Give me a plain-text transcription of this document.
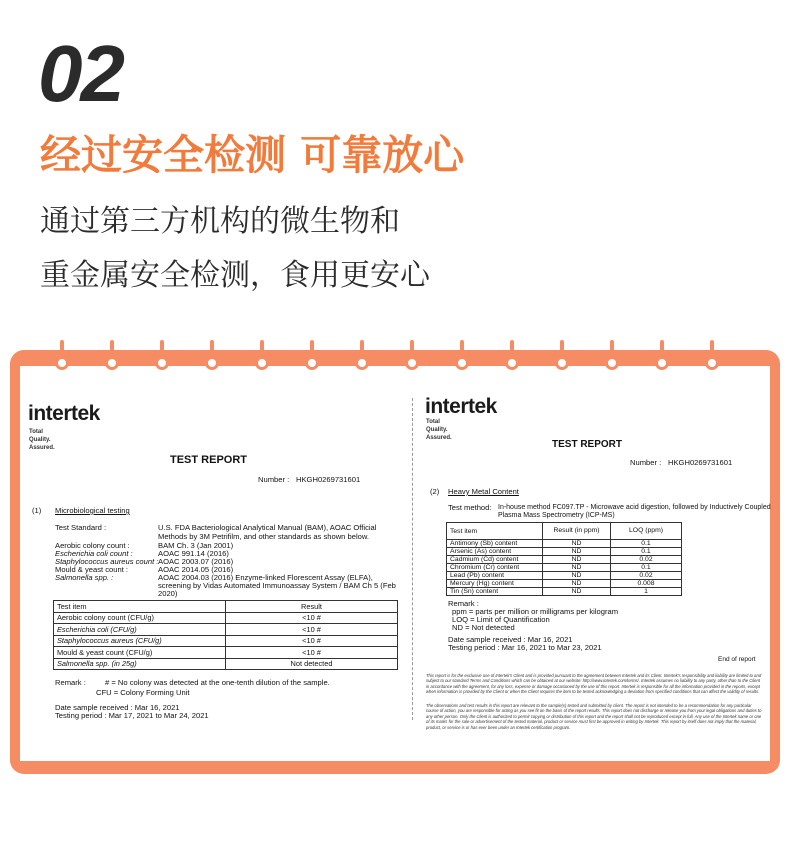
02
经过安全检测 可靠放心
通过第三方机构的微生物和
重金属安全检测，食用更安心
intertek
Total Quality. Assured.
TEST REPORT
Number : HKGH0269731601
(1) Microbiological testing
Test Standard :	U.S. FDA Bacteriological Analytical Manual (BAM), AOAC Official
Methods by 3M Petrifilm, and other standards as shown below.
Aerobic colony count :	BAM Ch. 3 (Jan 2001)
Escherichia coli count :	AOAC 991.14 (2016)
Staphylococcus aureus count : AOAC 2003.07 (2016)
Mould & yeast count :	AOAC 2014.05 (2016)
Salmonella spp. :	AOAC 2004.03 (2016) Enzyme-linked Florescent Assay (ELFA),
screening by Vidas Automated Immunoassay System / BAM Ch 5 (Feb
2020)
Test item	Result
Aerobic colony count (CFU/g)	<10 #
Escherichia coli (CFU/g)	<10 #
Staphylococcus aureus (CFU/g)	<10 #
Mould & yeast count (CFU/g)	<10 #
Salmonella spp. (in 25g)	Not detected
Remark :	# = No colony was detected at the one-tenth dilution of the sample.
CFU = Colony Forming Unit
Date sample received : Mar 16, 2021
Testing period : Mar 17, 2021 to Mar 24, 2021
intertek
Total Quality. Assured.
TEST REPORT
Number : HKGH0269731601
(2) Heavy Metal Content
Test method: In-house method FC097.TP - Microwave acid digestion, followed by Inductively Coupled
Plasma Mass Spectrometry (ICP-MS)
Test item	Result (in ppm)	LOQ (ppm)
Antimony (Sb) content	ND	0.1
Arsenic (As) content	ND	0.1
Cadmium (Cd) content	ND	0.02
Chromium (Cr) content	ND	0.1
Lead (Pb) content	ND	0.02
Mercury (Hg) content	ND	0.008
Tin (Sn) content	ND	1
Remark :
ppm = parts per million or milligrams per kilogram
LOQ = Limit of Quantification
ND = Not detected
Date sample received : Mar 16, 2021
Testing period : Mar 16, 2021 to Mar 23, 2021
End of report
This report is for the exclusive use of Intertek's Client and is provided pursuant to the agreement between Intertek and its Client. Intertek's responsibility and liability are limited to and subject to our standard Terms and Conditions which can be obtained at our website: http://www.intertek.com/terms/. Intertek assumes no liability to any party, other than to the Client in accordance with the agreement, for any loss, expense or damage occasioned by the use of this report. Intertek is responsible for all the information provided in the reports, except when information is provided by the Client or when the Client requires the item to be tested acknowledging a deviation from specified conditions that can affect the validity of results.
The observations and test results in this report are relevant to the sample(s) tested and submitted by client. The report is not intended to be a recommendation for any particular course of action, you are responsible for acting as you see fit on the basis of the report results. This report does not discharge or release you from your legal obligations and duties to any other person. Only the Client is authorized to permit copying or distribution of this report and the report shall not be reproduced except in full. Any use of the Intertek name or one of its marks for the sale or advertisement of the tested material, product or service must first be approved in writing by Intertek. This report by itself does not imply that the material, product, or service is or has ever been under an Intertek certification program.
